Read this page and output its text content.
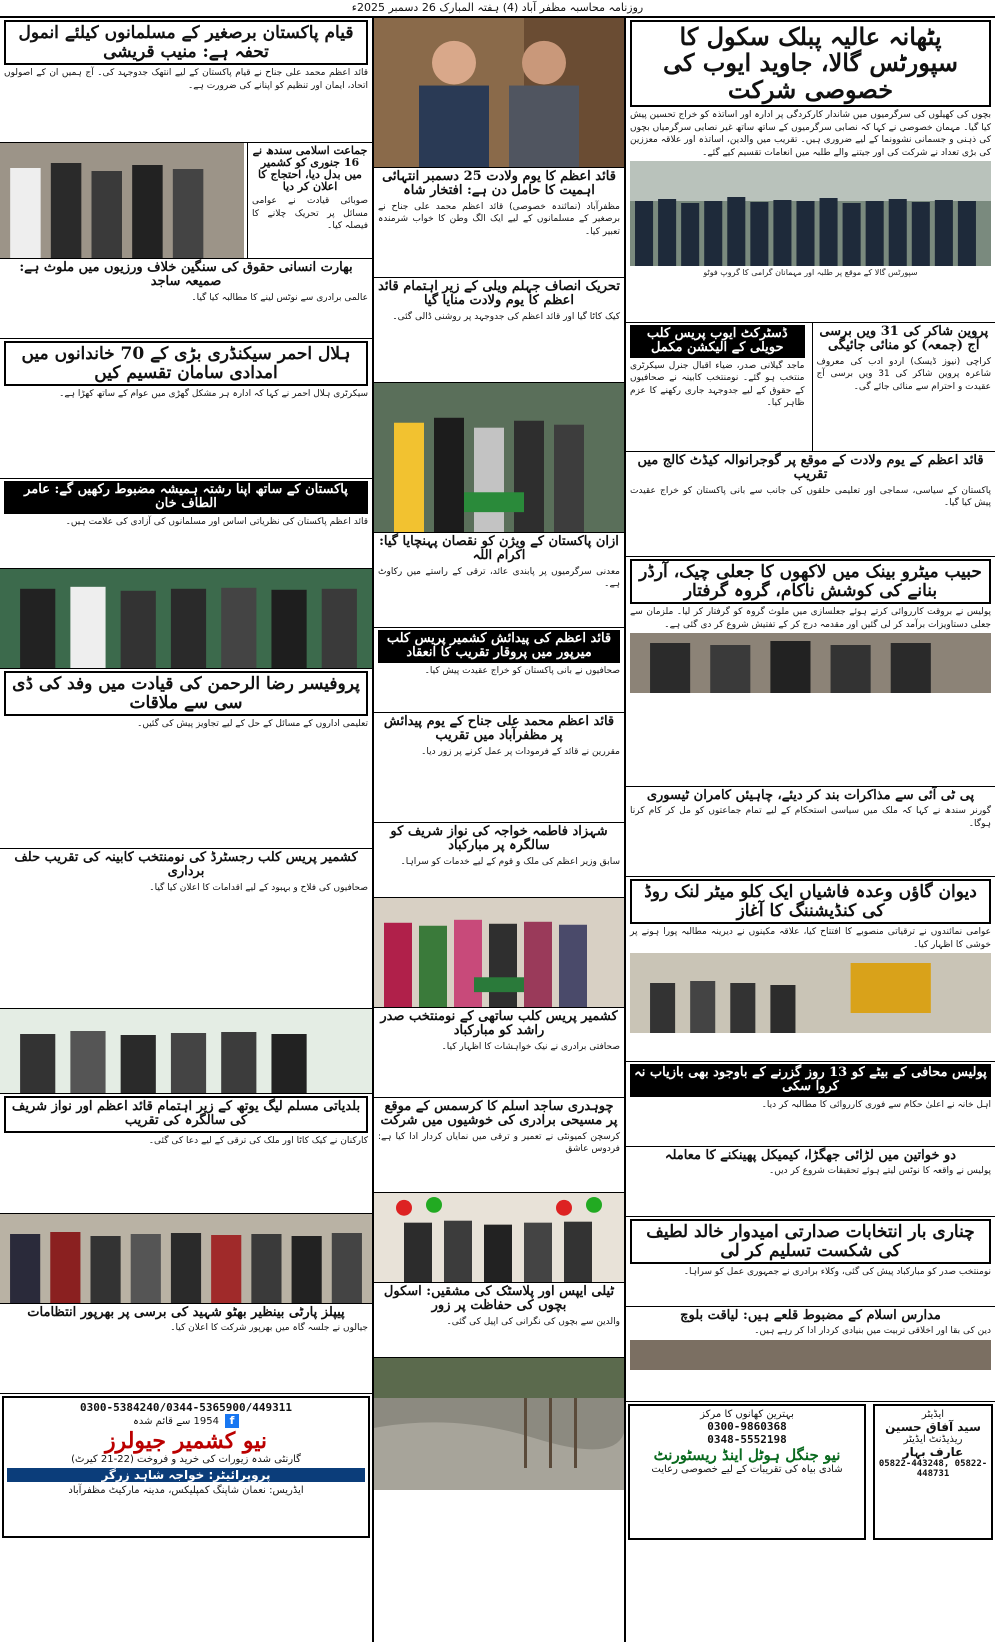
روزنامہ محاسبہ مظفر آباد (4) ہفتہ المبارک 26 دسمبر 2025ء
پٹھانہ عالیہ پبلک سکول کا سپورٹس گالا، جاوید ایوب کی خصوصی شرکت
بچوں کی کھیلوں کی سرگرمیوں میں شاندار کارکردگی پر ادارہ اور اساتذہ کو خراج تحسین پیش کیا گیا۔ مہمان خصوصی نے کہا کہ نصابی سرگرمیوں کے ساتھ ساتھ غیر نصابی سرگرمیاں بچوں کی ذہنی و جسمانی نشوونما کے لیے ضروری ہیں۔ تقریب میں والدین، اساتذہ اور علاقہ معززین کی بڑی تعداد نے شرکت کی اور جیتنے والے طلبہ میں انعامات تقسیم کیے گئے۔
سپورٹس گالا کے موقع پر طلبہ اور مہمانان گرامی کا گروپ فوٹو
ڈسٹرکٹ ایوب پریس کلب حویلی کے الیکشن مکمل
ماجد گیلانی صدر، ضیاء اقبال جنرل سیکرٹری منتخب ہو گئے۔ نومنتخب کابینہ نے صحافیوں کے حقوق کے لیے جدوجہد جاری رکھنے کا عزم ظاہر کیا۔
پروین شاکر کی 31 ویں برسی آج (جمعہ) کو منائی جائیگی
کراچی (نیوز ڈیسک) اردو ادب کی معروف شاعرہ پروین شاکر کی 31 ویں برسی آج عقیدت و احترام سے منائی جائے گی۔
قائد اعظم کے یوم ولادت کے موقع پر گوجرانوالہ کیڈٹ کالج میں تقریب
پاکستان کے سیاسی، سماجی اور تعلیمی حلقوں کی جانب سے بانی پاکستان کو خراج عقیدت پیش کیا گیا۔
حبیب میٹرو بینک میں لاکھوں کا جعلی چیک، آرڈر بنانے کی کوشش ناکام، گروہ گرفتار
پولیس نے بروقت کارروائی کرتے ہوئے جعلسازی میں ملوث گروہ کو گرفتار کر لیا۔ ملزمان سے جعلی دستاویزات برآمد کر لی گئیں اور مقدمہ درج کر کے تفتیش شروع کر دی گئی ہے۔
پی ٹی آئی سے مذاکرات بند کر دیئے، چاہیئں کامران ٹیسوری
گورنر سندھ نے کہا کہ ملک میں سیاسی استحکام کے لیے تمام جماعتوں کو مل کر کام کرنا ہوگا۔
دیوان گاؤں وعدہ فاشیاں ایک کلو میٹر لنک روڈ کی کنڈیشننگ کا آغاز
عوامی نمائندوں نے ترقیاتی منصوبے کا افتتاح کیا، علاقہ مکینوں نے دیرینہ مطالبہ پورا ہونے پر خوشی کا اظہار کیا۔
پولیس محافی کے بیٹے کو 13 روز گزرنے کے باوجود بھی بازیاب نہ کروا سکی
اہل خانہ نے اعلیٰ حکام سے فوری کارروائی کا مطالبہ کر دیا۔
دو خواتین میں لڑائی جھگڑا، کیمیکل پھینکنے کا معاملہ
پولیس نے واقعہ کا نوٹس لیتے ہوئے تحقیقات شروع کر دیں۔
چناری بار انتخابات صدارتی امیدوار خالد لطیف کی شکست تسلیم کر لی
نومنتخب صدر کو مبارکباد پیش کی گئی، وکلاء برادری نے جمہوری عمل کو سراہا۔
مدارس اسلام کے مضبوط قلعے ہیں: لیاقت بلوچ
دین کی بقا اور اخلاقی تربیت میں بنیادی کردار ادا کر رہے ہیں۔
بہترین کھانوں کا مرکز
0300-9860368
0348-5552198
نیو جنگل ہوٹل اینڈ ریسٹورنٹ
شادی بیاہ کی تقریبات کے لیے خصوصی رعایت
ایڈیٹر
سید آفاق حسین
ریذیڈنٹ ایڈیٹر
عارف بہار
05822-443248, 05822-448731
قائد اعظم کا یوم ولادت 25 دسمبر انتہائی اہمیت کا حامل دن ہے: افتخار شاہ
مظفرآباد (نمائندہ خصوصی) قائد اعظم محمد علی جناح نے برصغیر کے مسلمانوں کے لیے ایک الگ وطن کا خواب شرمندہ تعبیر کیا۔
تحریک انصاف جہلم ویلی کے زیر اہتمام قائد اعظم کا یوم ولادت منایا گیا
کیک کاٹا گیا اور قائد اعظم کی جدوجہد پر روشنی ڈالی گئی۔
ازان پاکستان کے ویژن کو نقصان پہنچایا گیا: اکرام اللہ
معدنی سرگرمیوں پر پابندی عائد، ترقی کے راستے میں رکاوٹ ہے۔
قائد اعظم کی پیدائش کشمیر پریس کلب میرپور میں پروقار تقریب کا انعقاد
صحافیوں نے بانی پاکستان کو خراج عقیدت پیش کیا۔
قائد اعظم محمد علی جناح کے یوم پیدائش پر مظفرآباد میں تقریب
مقررین نے قائد کے فرمودات پر عمل کرنے پر زور دیا۔
شہزاد فاطمہ خواجہ کی نواز شریف کو سالگرہ پر مبارکباد
سابق وزیر اعظم کی ملک و قوم کے لیے خدمات کو سراہا۔
کشمیر پریس کلب ساتھی کے نومنتخب صدر راشد کو مبارکباد
صحافتی برادری نے نیک خواہشات کا اظہار کیا۔
چوہدری ساجد اسلم کا کرسمس کے موقع پر مسیحی برادری کی خوشیوں میں شرکت
کرسچن کمیونٹی نے تعمیر و ترقی میں نمایاں کردار ادا کیا ہے: فردوس عاشق
ٹیلی ایپس اور پلاسٹک کی مشقیں: اسکول بچوں کی حفاظت پر زور
والدین سے بچوں کی نگرانی کی اپیل کی گئی۔
قیام پاکستان برصغیر کے مسلمانوں کیلئے انمول تحفہ ہے: منیب قریشی
قائد اعظم محمد علی جناح نے قیام پاکستان کے لیے انتھک جدوجہد کی۔ آج ہمیں ان کے اصولوں اتحاد، ایمان اور تنظیم کو اپنانے کی ضرورت ہے۔
جماعت اسلامی سندھ نے 16 جنوری کو کشمیر میں بدل دیا، احتجاج کا اعلان کر دیا
صوبائی قیادت نے عوامی مسائل پر تحریک چلانے کا فیصلہ کیا۔
بھارت انسانی حقوق کی سنگین خلاف ورزیوں میں ملوث ہے: صمیعہ ساجد
عالمی برادری سے نوٹس لینے کا مطالبہ کیا گیا۔
ہلال احمر سیکنڈری بڑی کے 70 خاندانوں میں امدادی سامان تقسیم کیں
سیکرٹری ہلال احمر نے کہا کہ ادارہ ہر مشکل گھڑی میں عوام کے ساتھ کھڑا ہے۔
پاکستان کے ساتھ اپنا رشتہ ہمیشہ مضبوط رکھیں گے: عامر الطاف خان
قائد اعظم پاکستان کی نظریاتی اساس اور مسلمانوں کی آزادی کی علامت ہیں۔
پروفیسر رضا الرحمن کی قیادت میں وفد کی ڈی سی سے ملاقات
تعلیمی اداروں کے مسائل کے حل کے لیے تجاویز پیش کی گئیں۔
کشمیر پریس کلب رجسٹرڈ کی نومنتخب کابینہ کی تقریب حلف برداری
صحافیوں کی فلاح و بہبود کے لیے اقدامات کا اعلان کیا گیا۔
بلدیاتی مسلم لیگ یوتھ کے زیر اہتمام قائد اعظم اور نواز شریف کی سالگرہ کی تقریب
کارکنان نے کیک کاٹا اور ملک کی ترقی کے لیے دعا کی گئی۔
پیپلز پارٹی بینظیر بھٹو شہید کی برسی پر بھرپور انتظامات
جیالوں نے جلسہ گاہ میں بھرپور شرکت کا اعلان کیا۔
0300-5384240/0344-5365900/449311
f
1954 سے قائم شدہ
نیو کشمیر جیولرز
گارنٹی شدہ زیورات کی خرید و فروخت (22-21 کیرٹ)
پروپرائیٹر: خواجہ شاہد زرگر
ایڈریس: نعمان شاپنگ کمپلیکس، مدینہ مارکیٹ مظفرآباد
